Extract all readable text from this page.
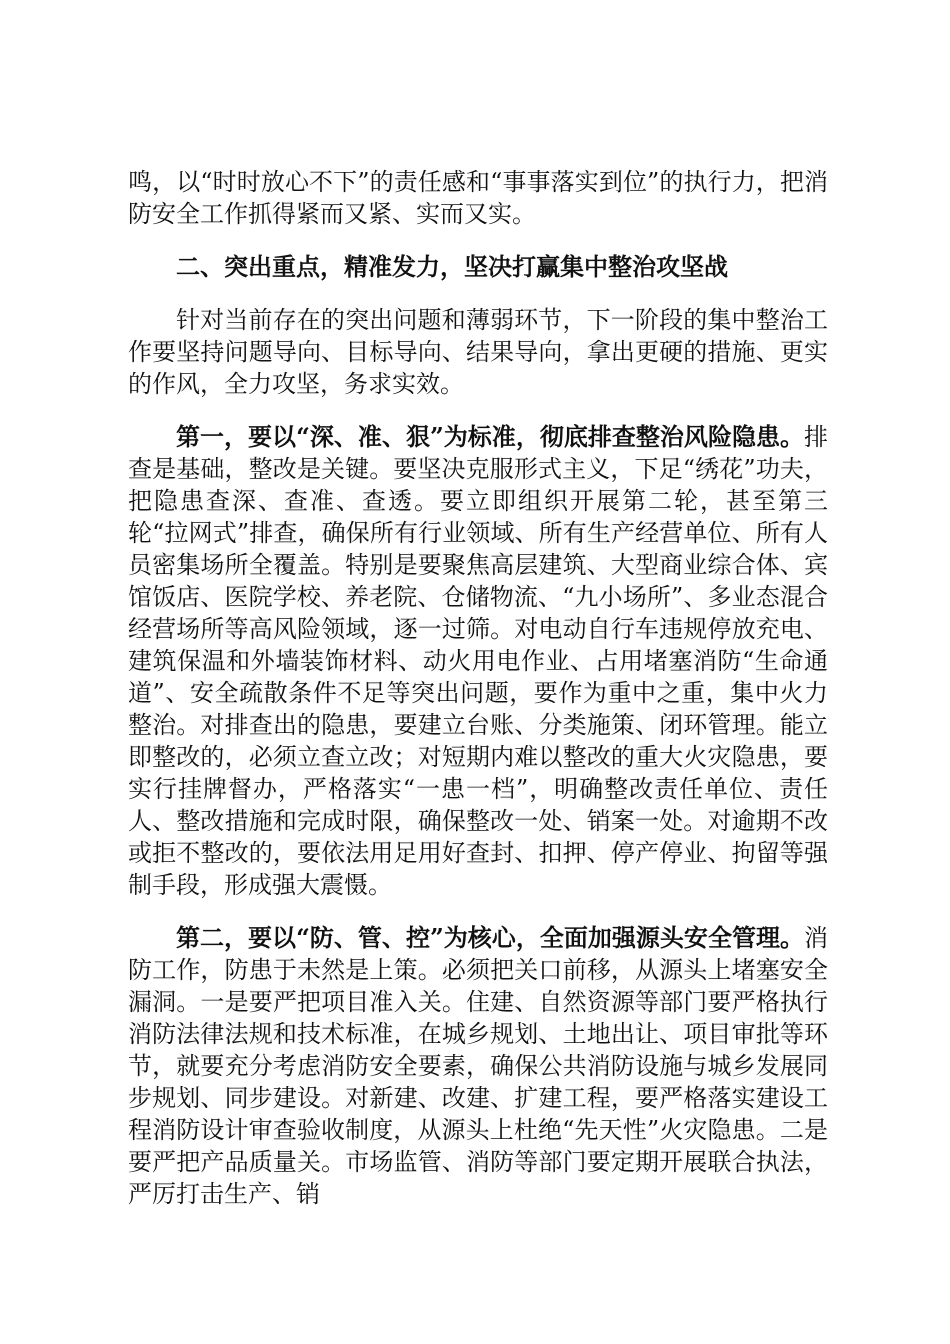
鸣，以“时时放心不下”的责任感和“事事落实到位”的执行力，把消防安全工作抓得紧而又紧、实而又实。

二、突出重点，精准发力，坚决打赢集中整治攻坚战

针对当前存在的突出问题和薄弱环节，下一阶段的集中整治工作要坚持问题导向、目标导向、结果导向，拿出更硬的措施、更实的作风，全力攻坚，务求实效。

第一，要以“深、准、狠”为标准，彻底排查整治风险隐患。排查是基础，整改是关键。要坚决克服形式主义，下足“绣花”功夫，把隐患查深、查准、查透。要立即组织开展第二轮，甚至第三轮“拉网式”排查，确保所有行业领域、所有生产经营单位、所有人员密集场所全覆盖。特别是要聚焦高层建筑、大型商业综合体、宾馆饭店、医院学校、养老院、仓储物流、“九小场所”、多业态混合经营场所等高风险领域，逐一过筛。对电动自行车违规停放充电、建筑保温和外墙装饰材料、动火用电作业、占用堵塞消防“生命通道”、安全疏散条件不足等突出问题，要作为重中之重，集中火力整治。对排查出的隐患，要建立台账、分类施策、闭环管理。能立即整改的，必须立查立改；对短期内难以整改的重大火灾隐患，要实行挂牌督办，严格落实“一患一档”，明确整改责任单位、责任人、整改措施和完成时限，确保整改一处、销案一处。对逾期不改或拒不整改的，要依法用足用好查封、扣押、停产停业、拘留等强制手段，形成强大震慑。

第二，要以“防、管、控”为核心，全面加强源头安全管理。消防工作，防患于未然是上策。必须把关口前移，从源头上堵塞安全漏洞。一是要严把项目准入关。住建、自然资源等部门要严格执行消防法律法规和技术标准，在城乡规划、土地出让、项目审批等环节，就要充分考虑消防安全要素，确保公共消防设施与城乡发展同步规划、同步建设。对新建、改建、扩建工程，要严格落实建设工程消防设计审查验收制度，从源头上杜绝“先天性”火灾隐患。二是要严把产品质量关。市场监管、消防等部门要定期开展联合执法，严厉打击生产、销
